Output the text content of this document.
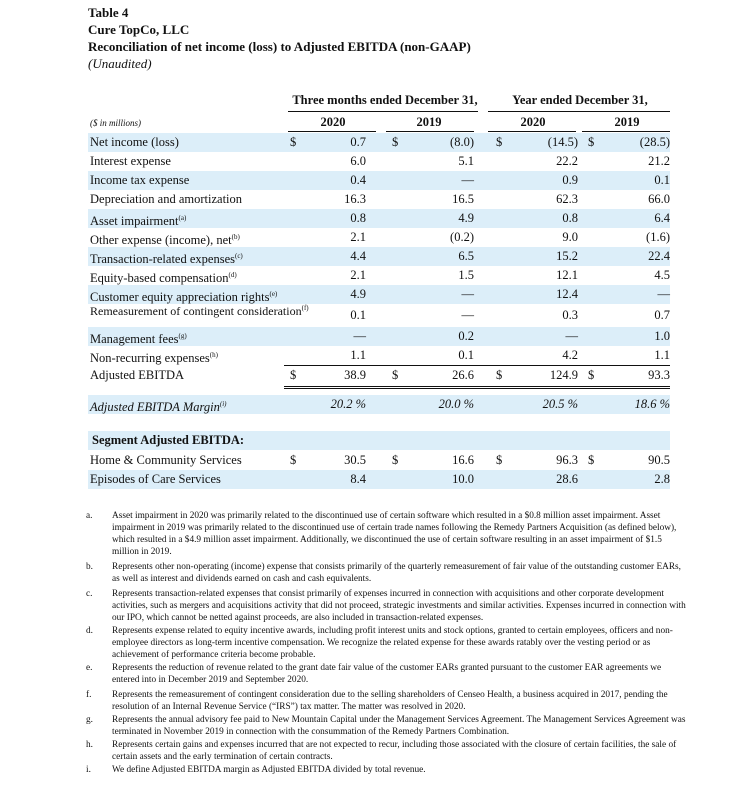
Table 4
Cure TopCo, LLC
Reconciliation of net income (loss) to Adjusted EBITDA (non-GAAP)
(Unaudited)
Three months ended December 31,	Year ended December 31,
($ in millions)	2020	2019	2020	2019
Net income (loss)	$	0.7 $	(8.0) $	(14.5) $	(28.5)
Interest expense	6.0	5.1	22.2	21.2
Income tax expense	0.4	—	0.9	0.1
Depreciation and amortization	16.3	16.5	62.3	66.0
Asset impairment$^{(a)}$	0.8	4.9	0.8	6.4
Other expense (income), net$^{(b)}$	2.1	(0.2)	9.0	(1.6)
Transaction-related expenses$^{(c)}$	4.4	6.5	15.2	22.4
Equity-based compensation$^{(d)}$	2.1	1.5	12.1	4.5
Customer equity appreciation rights$^{(e)}$	4.9	—	12.4	—
Remeasurement of contingent consideration$^{(f)}$	0.1	—	0.3	0.7
Management fees$^{(g)}$	—	0.2	—	1.0
Non-recurring expenses$^{(h)}$	1.1	0.1	4.2	1.1
Adjusted EBITDA	$	38.9 $	26.6 $	124.9 $	93.3
Adjusted EBITDA Margin$^{(i)}$	20.2 %	20.0 %	20.5 %	18.6 %
Segment Adjusted EBITDA:
Home & Community Services	$	30.5 $	16.6 $	96.3 $	90.5
Episodes of Care Services	8.4	10.0	28.6	2.8
a.	Asset impairment in 2020 was primarily related to the discontinued use of certain software which resulted in a $0.8 million asset impairment. Asset impairment in 2019 was primarily related to the discontinued use of certain trade names following the Remedy Partners Acquisition (as defined below), which resulted in a $4.9 million asset impairment. Additionally, we discontinued the use of certain software resulting in an asset impairment of $1.5 million in 2019.
b.	Represents other non-operating (income) expense that consists primarily of the quarterly remeasurement of fair value of the outstanding customer EARs, as well as interest and dividends earned on cash and cash equivalents.
c.	Represents transaction-related expenses that consist primarily of expenses incurred in connection with acquisitions and other corporate development activities, such as mergers and acquisitions activity that did not proceed, strategic investments and similar activities. Expenses incurred in connection with our IPO, which cannot be netted against proceeds, are also included in transaction-related expenses.
d.	Represents expense related to equity incentive awards, including profit interest units and stock options, granted to certain employees, officers and non-employee directors as long-term incentive compensation. We recognize the related expense for these awards ratably over the vesting period or as achievement of performance criteria become probable.
e.	Represents the reduction of revenue related to the grant date fair value of the customer EARs granted pursuant to the customer EAR agreements we entered into in December 2019 and September 2020.
f.	Represents the remeasurement of contingent consideration due to the selling shareholders of Censeo Health, a business acquired in 2017, pending the resolution of an Internal Revenue Service (“IRS”) tax matter. The matter was resolved in 2020.
g.	Represents the annual advisory fee paid to New Mountain Capital under the Management Services Agreement. The Management Services Agreement was terminated in November 2019 in connection with the consummation of the Remedy Partners Combination.
h.	Represents certain gains and expenses incurred that are not expected to recur, including those associated with the closure of certain facilities, the sale of certain assets and the early termination of certain contracts.
i.	We define Adjusted EBITDA margin as Adjusted EBITDA divided by total revenue.
